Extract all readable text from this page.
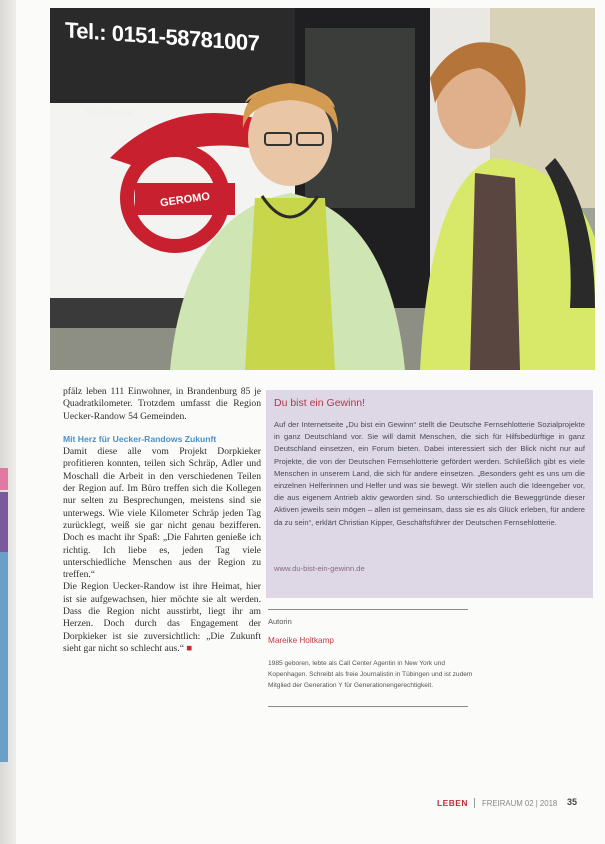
Tel.: 0151-58781007
Modellprojekt
GEROMO

pfälz leben 111 Einwohner, in Brandenburg 85 je Quadratkilometer. Trotzdem umfasst die Region Uecker-Randow 54 Gemeinden.

Mit Herz für Uecker-Randows Zukunft

Damit diese alle vom Projekt Dorpkieker profitieren konnten, teilen sich Schräp, Adler und Moschall die Arbeit in den verschiedenen Teilen der Region auf. Im Büro treffen sich die Kollegen nur selten zu Besprechungen, meistens sind sie unterwegs. Wie viele Kilometer Schräp jeden Tag zurücklegt, weiß sie gar nicht genau bezifferen. Doch es macht ihr Spaß: „Die Fahrten genieße ich richtig. Ich liebe es, jeden Tag viele unterschiedliche Menschen aus der Region zu treffen.“

Die Region Uecker-Randow ist ihre Heimat, hier ist sie aufgewachsen, hier möchte sie alt werden. Dass die Region nicht ausstirbt, liegt ihr am Herzen. Doch durch das Engagement der Dorpkieker ist sie zuversichtlich: „Die Zukunft sieht gar nicht so schlecht aus.“ ■

Du bist ein Gewinn!

Auf der Internetseite „Du bist ein Gewinn“ stellt die Deutsche Fernsehlotterie Sozialprojekte in ganz Deutschland vor. Sie will damit Menschen, die sich für Hilfsbedürftige in ganz Deutschland einsetzen, ein Forum bieten. Dabei interessiert sich der Blick nicht nur auf Projekte, die von der Deutschen Fernsehlotterie gefördert werden. Schließlich gibt es viele Menschen in unserem Land, die sich für andere einsetzen. „Besonders geht es uns um die einzelnen Helferinnen und Helfer und was sie bewegt. Wir stellen auch die Ideengeber vor, die aus eigenem Antrieb aktiv geworden sind. So unterschiedlich die Beweggründe dieser Aktiven jeweils sein mögen – allen ist gemeinsam, dass sie es als Glück erleben, für andere da zu sein“, erklärt Christian Kipper, Geschäftsführer der Deutschen Fernsehlotterie.

www.du-bist-ein-gewinn.de
Autorin
Mareike Holtkamp

1985 geboren, lebte als Call Center Agentin in New York und Kopenhagen. Schreibt als freie Journalistin in Tübingen und ist zudem Mitglied der Generation Y für Generationengerechtigkeit.

LEBEN FREIRAUM 02 | 2018 35
